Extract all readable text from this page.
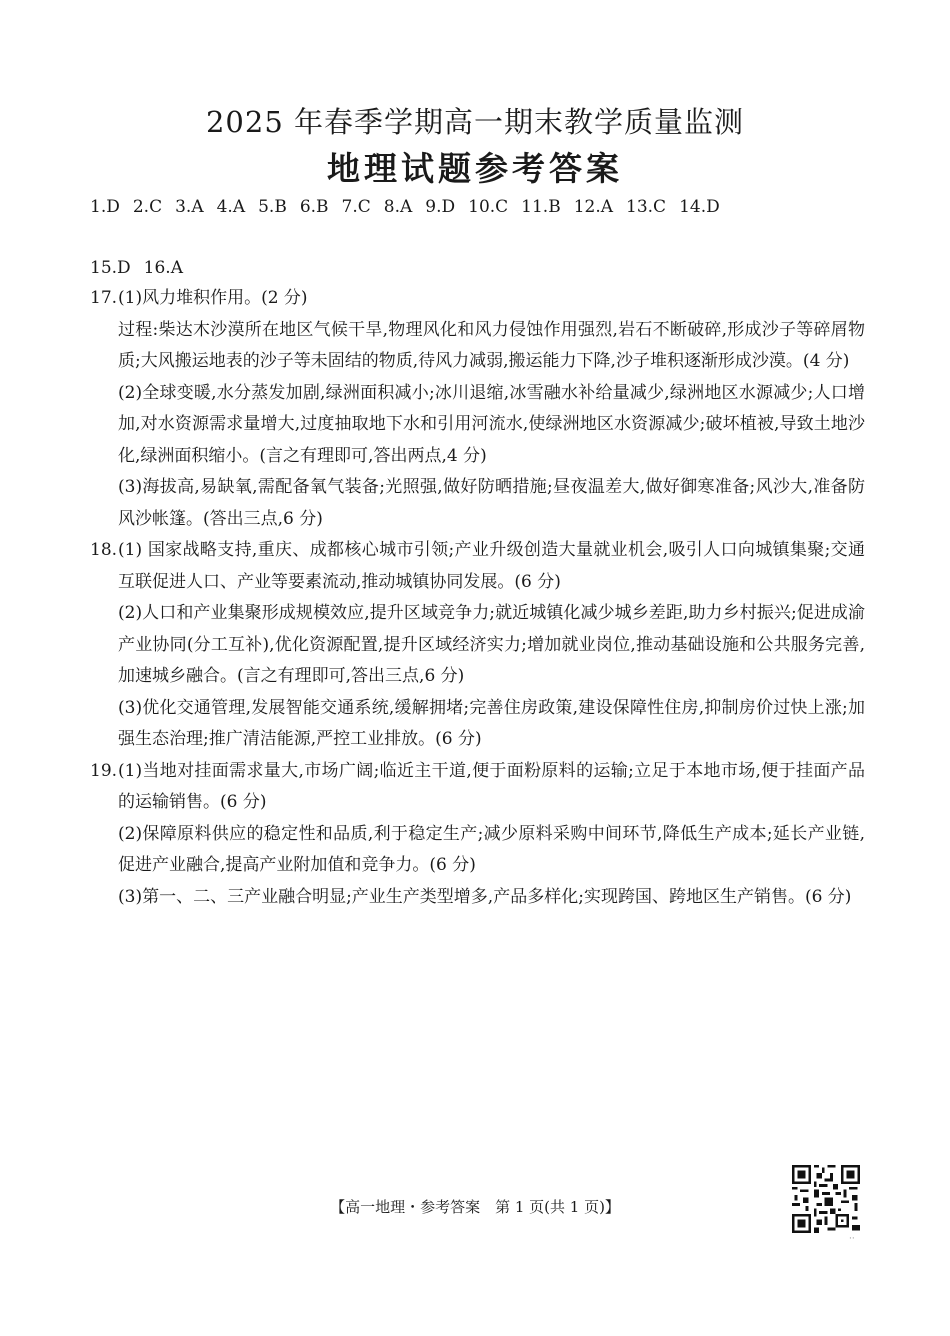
2025 年春季学期高一期末教学质量监测
地理试题参考答案
1.D 2.C 3.A 4.A 5.B 6.B 7.C 8.A 9.D 10.C 11.B 12.A 13.C 14.D
15.D 16.A
17. (1)风力堆积作用。(2 分)
过程:柴达木沙漠所在地区气候干旱,物理风化和风力侵蚀作用强烈,岩石不断破碎,形成沙子等碎屑物质;大风搬运地表的沙子等未固结的物质,待风力减弱,搬运能力下降,沙子堆积逐渐形成沙漠。(4 分)
(2)全球变暖,水分蒸发加剧,绿洲面积减小;冰川退缩,冰雪融水补给量减少,绿洲地区水源减少;人口增加,对水资源需求量增大,过度抽取地下水和引用河流水,使绿洲地区水资源减少;破坏植被,导致土地沙化,绿洲面积缩小。(言之有理即可,答出两点,4 分)
(3)海拔高,易缺氧,需配备氧气装备;光照强,做好防晒措施;昼夜温差大,做好御寒准备;风沙大,准备防风沙帐篷。(答出三点,6 分)
18. (1) 国家战略支持,重庆、成都核心城市引领;产业升级创造大量就业机会,吸引人口向城镇集聚;交通互联促进人口、产业等要素流动,推动城镇协同发展。(6 分)
(2)人口和产业集聚形成规模效应,提升区域竞争力;就近城镇化减少城乡差距,助力乡村振兴;促进成渝产业协同(分工互补),优化资源配置,提升区域经济实力;增加就业岗位,推动基础设施和公共服务完善,加速城乡融合。(言之有理即可,答出三点,6 分)
(3)优化交通管理,发展智能交通系统,缓解拥堵;完善住房政策,建设保障性住房,抑制房价过快上涨;加强生态治理;推广清洁能源,严控工业排放。(6 分)
19. (1)当地对挂面需求量大,市场广阔;临近主干道,便于面粉原料的运输;立足于本地市场,便于挂面产品的运输销售。(6 分)
(2)保障原料供应的稳定性和品质,利于稳定生产;减少原料采购中间环节,降低生产成本;延长产业链,促进产业融合,提高产业附加值和竞争力。(6 分)
(3)第一、二、三产业融合明显;产业生产类型增多,产品多样化;实现跨国、跨地区生产销售。(6 分)
【高一地理・参考答案　第 1 页(共 1 页)】
··
